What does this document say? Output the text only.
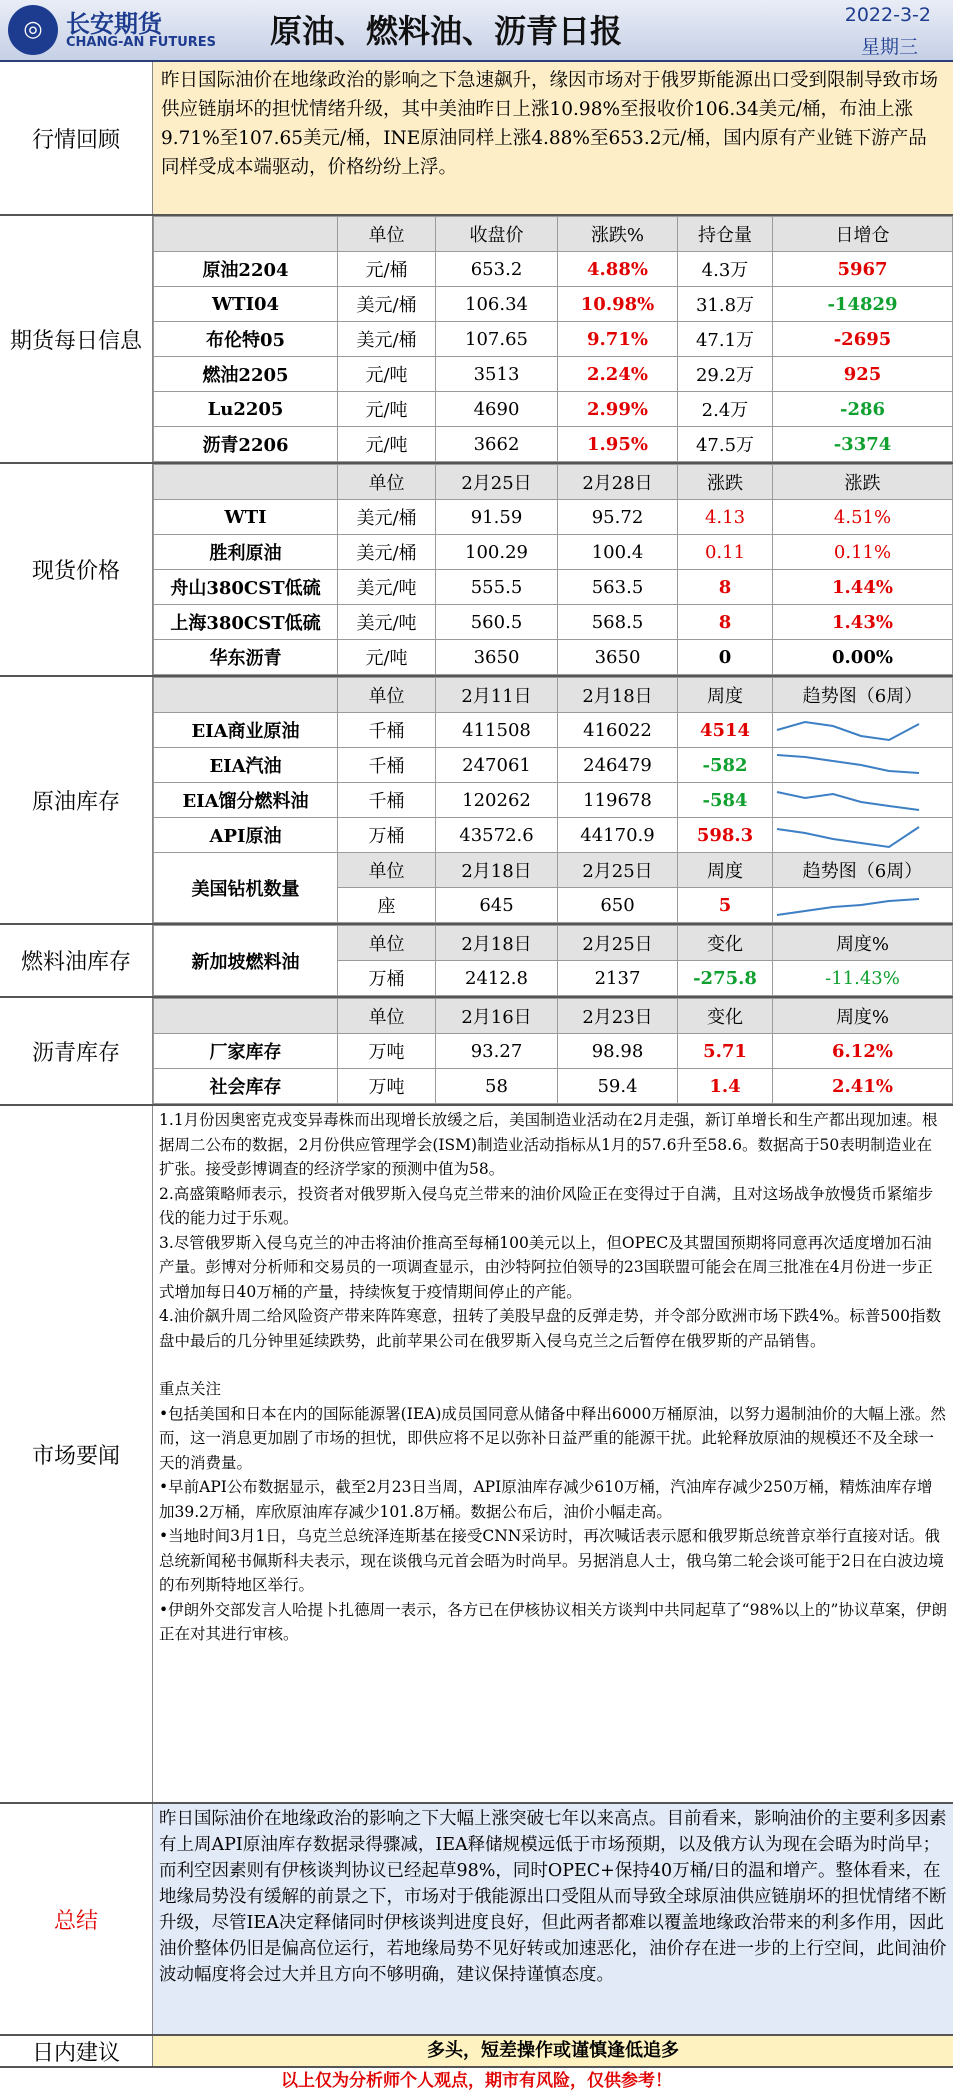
◎ 长安期货
CHANG-AN FUTURES 原油、燃料油、沥青日报	2022-3-2
星期三
行情回顾
昨日国际油价在地缘政治的影响之下急速飙升，缘因市场对于俄罗斯能源出口受到限制导致市场供应链崩坏的担忧情绪升级，其中美油昨日上涨10.98%至报收价106.34美元/桶，布油上涨9.71%至107.65美元/桶，INE原油同样上涨4.88%至653.2元/桶，国内原有产业链下游产品同样受成本端驱动，价格纷纷上浮。
期货每日信息
	单位	收盘价	涨跌%	持仓量	日增仓
原油2204	元/桶	653.2	4.88%	4.3万	5967
WTI04	美元/桶	106.34	10.98%	31.8万	-14829
布伦特05	美元/桶	107.65	9.71%	47.1万	-2695
燃油2205	元/吨	3513	2.24%	29.2万	925
Lu2205	元/吨	4690	2.99%	2.4万	-286
沥青2206	元/吨	3662	1.95%	47.5万	-3374
现货价格
	单位	2月25日	2月28日	涨跌	涨跌
WTI	美元/桶	91.59	95.72	4.13	4.51%
胜利原油	美元/桶	100.29	100.4	0.11	0.11%
舟山380CST低硫	美元/吨	555.5	563.5	8	1.44%
上海380CST低硫	美元/吨	560.5	568.5	8	1.43%
华东沥青	元/吨	3650	3650	0	0.00%
原油库存
	单位	2月11日	2月18日	周度	趋势图（6周）
EIA商业原油	千桶	411508	416022	4514	

EIA汽油	千桶	247061	246479	-582	

EIA馏分燃料油	千桶	120262	119678	-584	

API原油	万桶	43572.6	44170.9	598.3	

美国钻机数量	单位	2月18日	2月25日	周度	趋势图（6周）
	座	645	650	5	
燃料油库存	新加坡燃料油	单位	2月18日	2月25日	变化	周度%
	万桶	2412.8	2137	-275.8	-11.43%
沥青库存
	单位	2月16日	2月23日	变化	周度%
厂家库存	万吨	93.27	98.98	5.71	6.12%
社会库存	万吨	58	59.4	1.4	2.41%
市场要闻

1.1月份因奥密克戎变异毒株而出现增长放缓之后，美国制造业活动在2月走强，新订单增长和生产都出现加速。根据周二公布的数据，2月份供应管理学会(ISM)制造业活动指标从1月的57.6升至58.6。数据高于50表明制造业在扩张。接受彭博调查的经济学家的预测中值为58。

2.高盛策略师表示，投资者对俄罗斯入侵乌克兰带来的油价风险正在变得过于自满，且对这场战争放慢货币紧缩步伐的能力过于乐观。

3.尽管俄罗斯入侵乌克兰的冲击将油价推高至每桶100美元以上，但OPEC及其盟国预期将同意再次适度增加石油产量。彭博对分析师和交易员的一项调查显示，由沙特阿拉伯领导的23国联盟可能会在周三批准在4月份进一步正式增加每日40万桶的产量，持续恢复于疫情期间停止的产能。

4.油价飙升周二给风险资产带来阵阵寒意，扭转了美股早盘的反弹走势，并令部分欧洲市场下跌4%。标普500指数盘中最后的几分钟里延续跌势，此前苹果公司在俄罗斯入侵乌克兰之后暂停在俄罗斯的产品销售。

重点关注

•包括美国和日本在内的国际能源署(IEA)成员国同意从储备中释出6000万桶原油，以努力遏制油价的大幅上涨。然而，这一消息更加剧了市场的担忧，即供应将不足以弥补日益严重的能源干扰。此轮释放原油的规模还不及全球一天的消费量。

•早前API公布数据显示，截至2月23日当周，API原油库存减少610万桶，汽油库存减少250万桶，精炼油库存增加39.2万桶，库欣原油库存减少101.8万桶。数据公布后，油价小幅走高。

•当地时间3月1日，乌克兰总统泽连斯基在接受CNN采访时，再次喊话表示愿和俄罗斯总统普京举行直接对话。俄总统新闻秘书佩斯科夫表示，现在谈俄乌元首会晤为时尚早。另据消息人士，俄乌第二轮会谈可能于2日在白波边境的布列斯特地区举行。

•伊朗外交部发言人哈提卜扎德周一表示，各方已在伊核协议相关方谈判中共同起草了“98%以上的”协议草案，伊朗正在对其进行审核。

总结
昨日国际油价在地缘政治的影响之下大幅上涨突破七年以来高点。目前看来，影响油价的主要利多因素有上周API原油库存数据录得骤减，IEA释储规模远低于市场预期，以及俄方认为现在会晤为时尚早；而利空因素则有伊核谈判协议已经起草98%，同时OPEC+保持40万桶/日的温和增产。整体看来，在地缘局势没有缓解的前景之下，市场对于俄能源出口受阻从而导致全球原油供应链崩坏的担忧情绪不断升级，尽管IEA决定释储同时伊核谈判进度良好，但此两者都难以覆盖地缘政治带来的利多作用，因此油价整体仍旧是偏高位运行，若地缘局势不见好转或加速恶化，油价存在进一步的上行空间，此间油价波动幅度将会过大并且方向不够明确，建议保持谨慎态度。
日内建议	多头，短差操作或谨慎逢低追多
以上仅为分析师个人观点，期市有风险，仅供参考！
